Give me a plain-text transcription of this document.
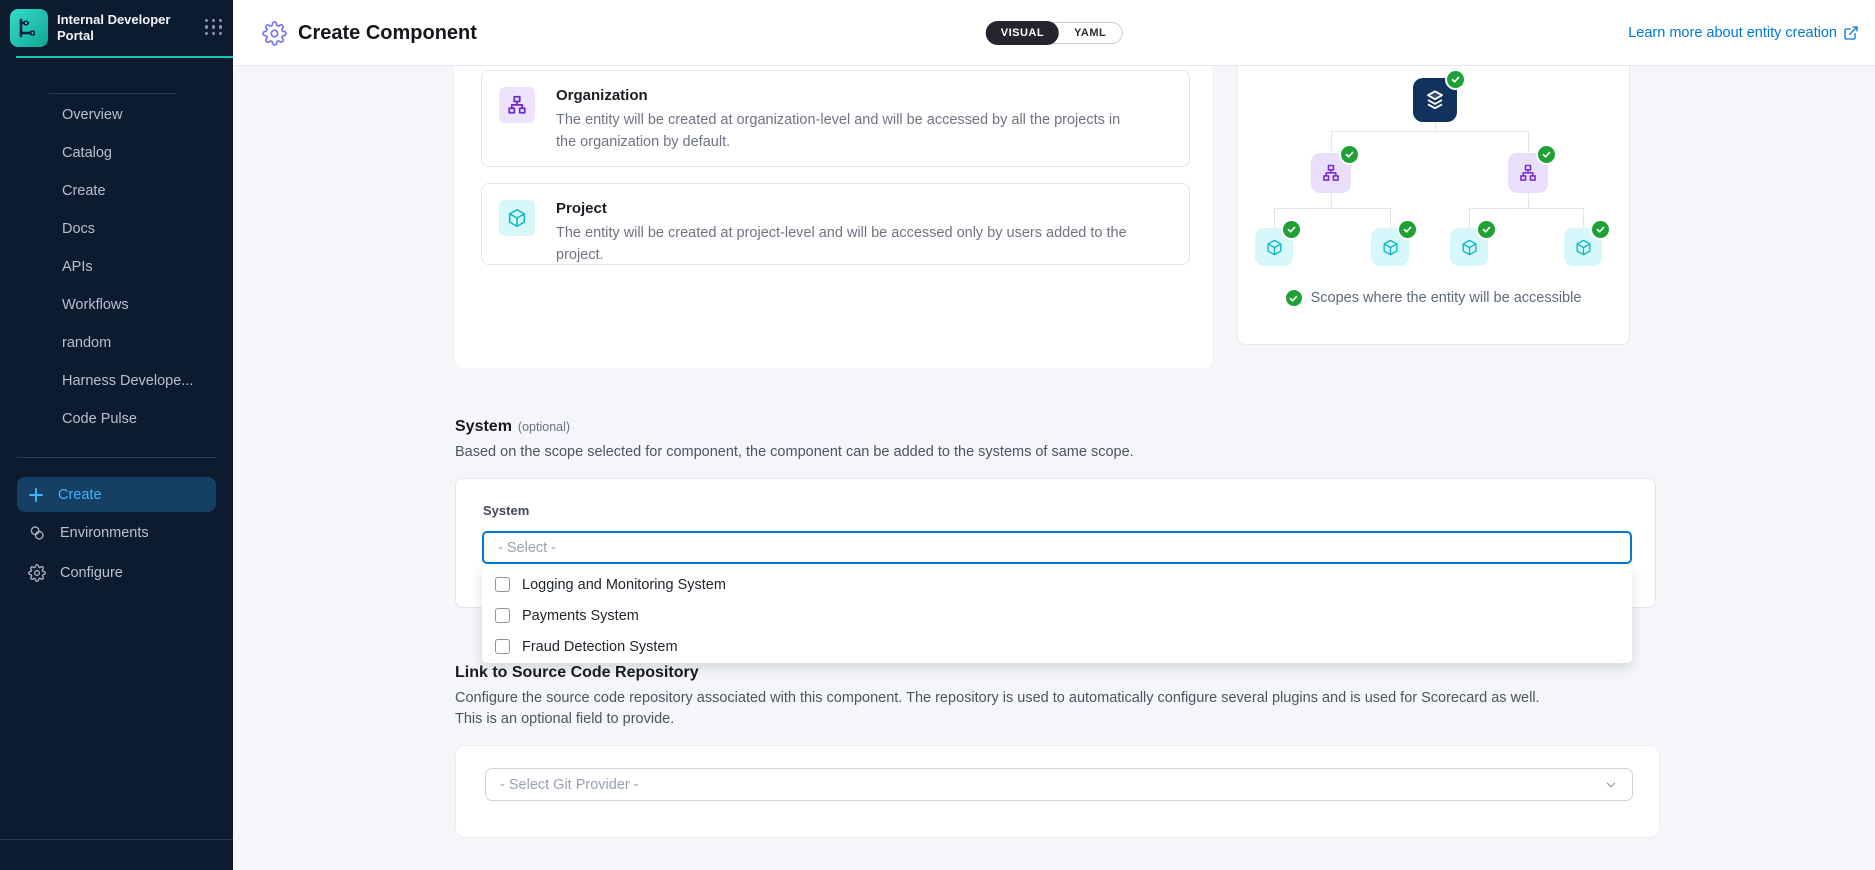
Internal Developer Portal
Overview
Catalog
Create
Docs
APIs
Workflows
random
Harness Develope...
Code Pulse
Create
Environments
Configure
Create Component	VISUAL	YAML	Learn more about entity creation
Organization
The entity will be created at organization-level and will be accessed by all the projects in the organization by default.
Project
The entity will be created at project-level and will be accessed only by users added to the project.
Scopes where the entity will be accessible
System (optional)
Based on the scope selected for component, the component can be added to the systems of same scope.
System
- Select -
Logging and Monitoring System
Payments System
Fraud Detection System
Link to Source Code Repository
Configure the source code repository associated with this component. The repository is used to automatically configure several plugins and is used for Scorecard as well.
This is an optional field to provide.
- Select Git Provider -
